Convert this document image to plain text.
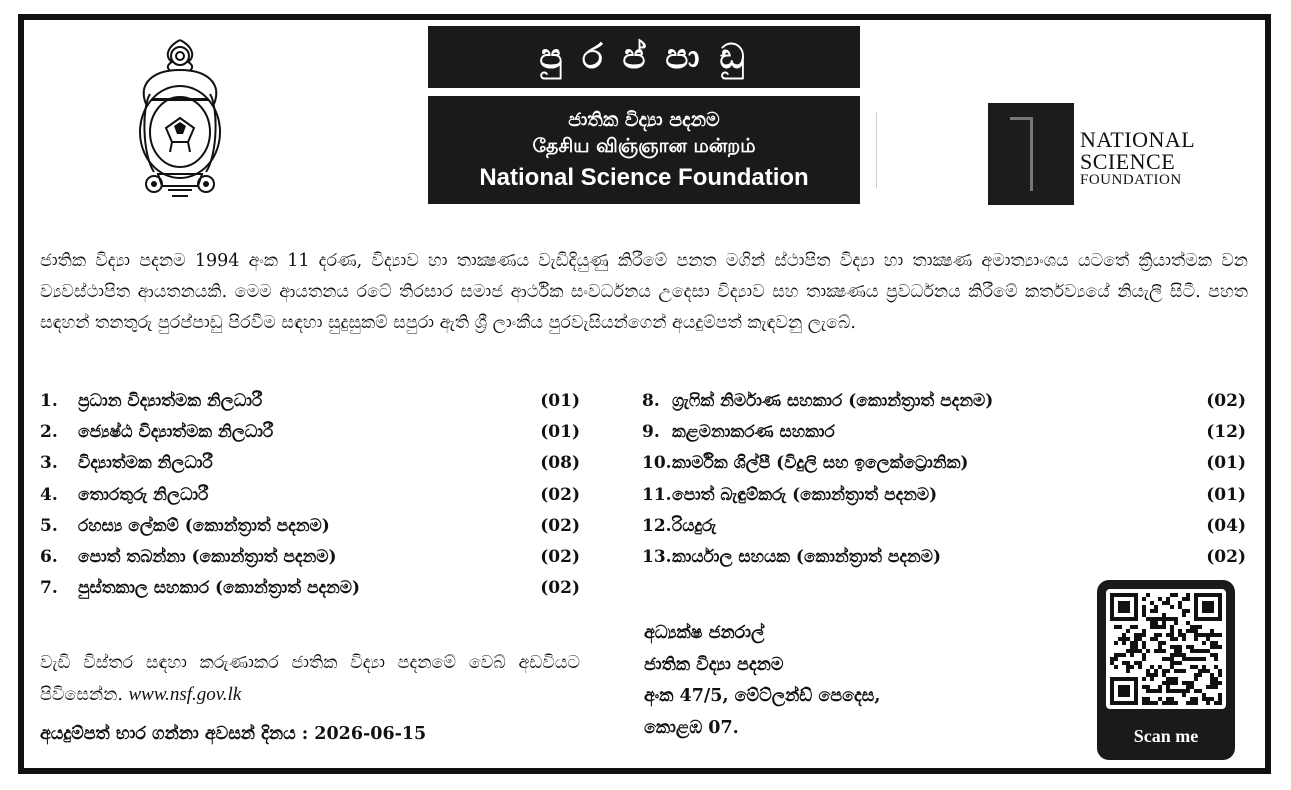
පු ර ප් පා ඩු
ජාතික විද්‍යා පදනම
தேசிய விஞ்ஞான மன்றம்
National Science Foundation
NATIONAL
SCIENCE
FOUNDATION
ජාතික විද්‍යා පදනම 1994 අංක 11 දරණ, විද්‍යාව හා තාක්‍ෂණය වැඩිදියුණු කිරීමේ පනත මගින් ස්ථාපිත විද්‍යා හා තාක්‍ෂණ අමාත්‍යාංශය යටතේ ක්‍රියාත්මක වන ව්‍යවස්ථාපිත ආයතනයකි. මෙම ආයතනය රටේ තිරසාර සමාජ ආර්ථික සංවර්ධනය උදෙසා විද්‍යාව සහ තාක්‍ෂණය ප්‍රවර්ධනය කිරීමේ කර්තව්‍යයේ නියැලී සිටී. පහත සඳහන් තනතුරු පුරප්පාඩු පිරවීම සඳහා සුදුසුකම් සපුරා ඇති ශ්‍රී ලාංකීය පුරවැසියන්ගෙන් අයදුම්පත් කැඳවනු ලැබේ.
1.	ප්‍රධාන විද්‍යාත්මක නිලධාරී	(01)
2.	ජ්‍යෙෂ්ඨ විද්‍යාත්මක නිලධාරී	(01)
3.	විද්‍යාත්මක නිලධාරී	(08)
4.	තොරතුරු නිලධාරී	(02)
5.	රහස්‍ය ලේකම් (කොන්ත්‍රාත් පදනම)	(02)
6.	පොත් තබන්නා (කොන්ත්‍රාත් පදනම)	(02)
7.	පුස්තකාල සහකාර (කොන්ත්‍රාත් පදනම)	(02)
8. ග්‍රැෆික් නිර්මාණ සහකාර (කොන්ත්‍රාත් පදනම)	(02)
9. කළමනාකරණ සහකාර	(12)
10. කාර්මික ශිල්පී (විදුලි සහ ඉලෙක්ට්‍රොනික)	(01)
11. පොත් බැඳුම්කරු (කොන්ත්‍රාත් පදනම)	(01)
12. රියදුරු	(04)
13. කාර්යාල සහයක (කොන්ත්‍රාත් පදනම)	(02)
වැඩි විස්තර සඳහා කරුණාකර ජාතික විද්‍යා පදනමේ වෙබ් අඩවියට පිවිසෙන්න. www.nsf.gov.lk
අයදුම්පත් භාර ගන්නා අවසන් දිනය : 2026-06-15
අධ්‍යක්ෂ ජනරාල්
ජාතික විද්‍යා පදනම
අංක 47/5, මේට්ලන්ඩ් පෙදෙස,
කොළඹ 07.	Scan me
